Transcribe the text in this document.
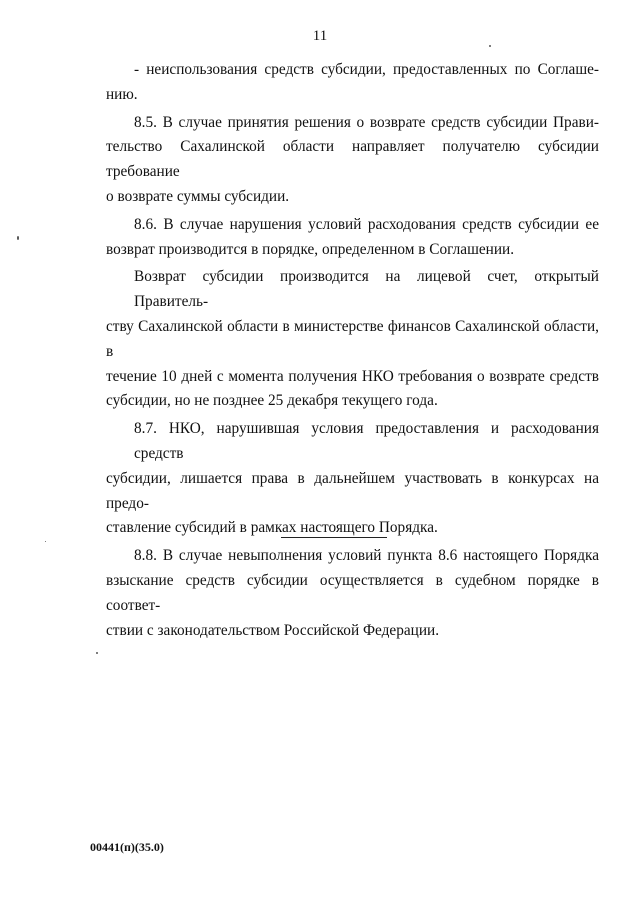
11

- неиспользования средств субсидии, предоставленных по Соглаше-
нию.

8.5. В случае принятия решения о возврате средств субсидии Прави-
тельство Сахалинской области направляет получателю субсидии требование
о возврате суммы субсидии.

8.6. В случае нарушения условий расходования средств субсидии ее
возврат производится в порядке, определенном в Соглашении.

Возврат субсидии производится на лицевой счет, открытый Правитель-
ству Сахалинской области в министерстве финансов Сахалинской области, в
течение 10 дней с момента получения НКО требования о возврате средств
субсидии, но не позднее 25 декабря текущего года.

8.7. НКО, нарушившая условия предоставления и расходования средств
субсидии, лишается права в дальнейшем участвовать в конкурсах на предо-
ставление субсидий в рамках настоящего Порядка.

8.8. В случае невыполнения условий пункта 8.6 настоящего Порядка
взыскание средств субсидии осуществляется в судебном порядке в соответ-
ствии с законодательством Российской Федерации.

00441(п)(35.0)
